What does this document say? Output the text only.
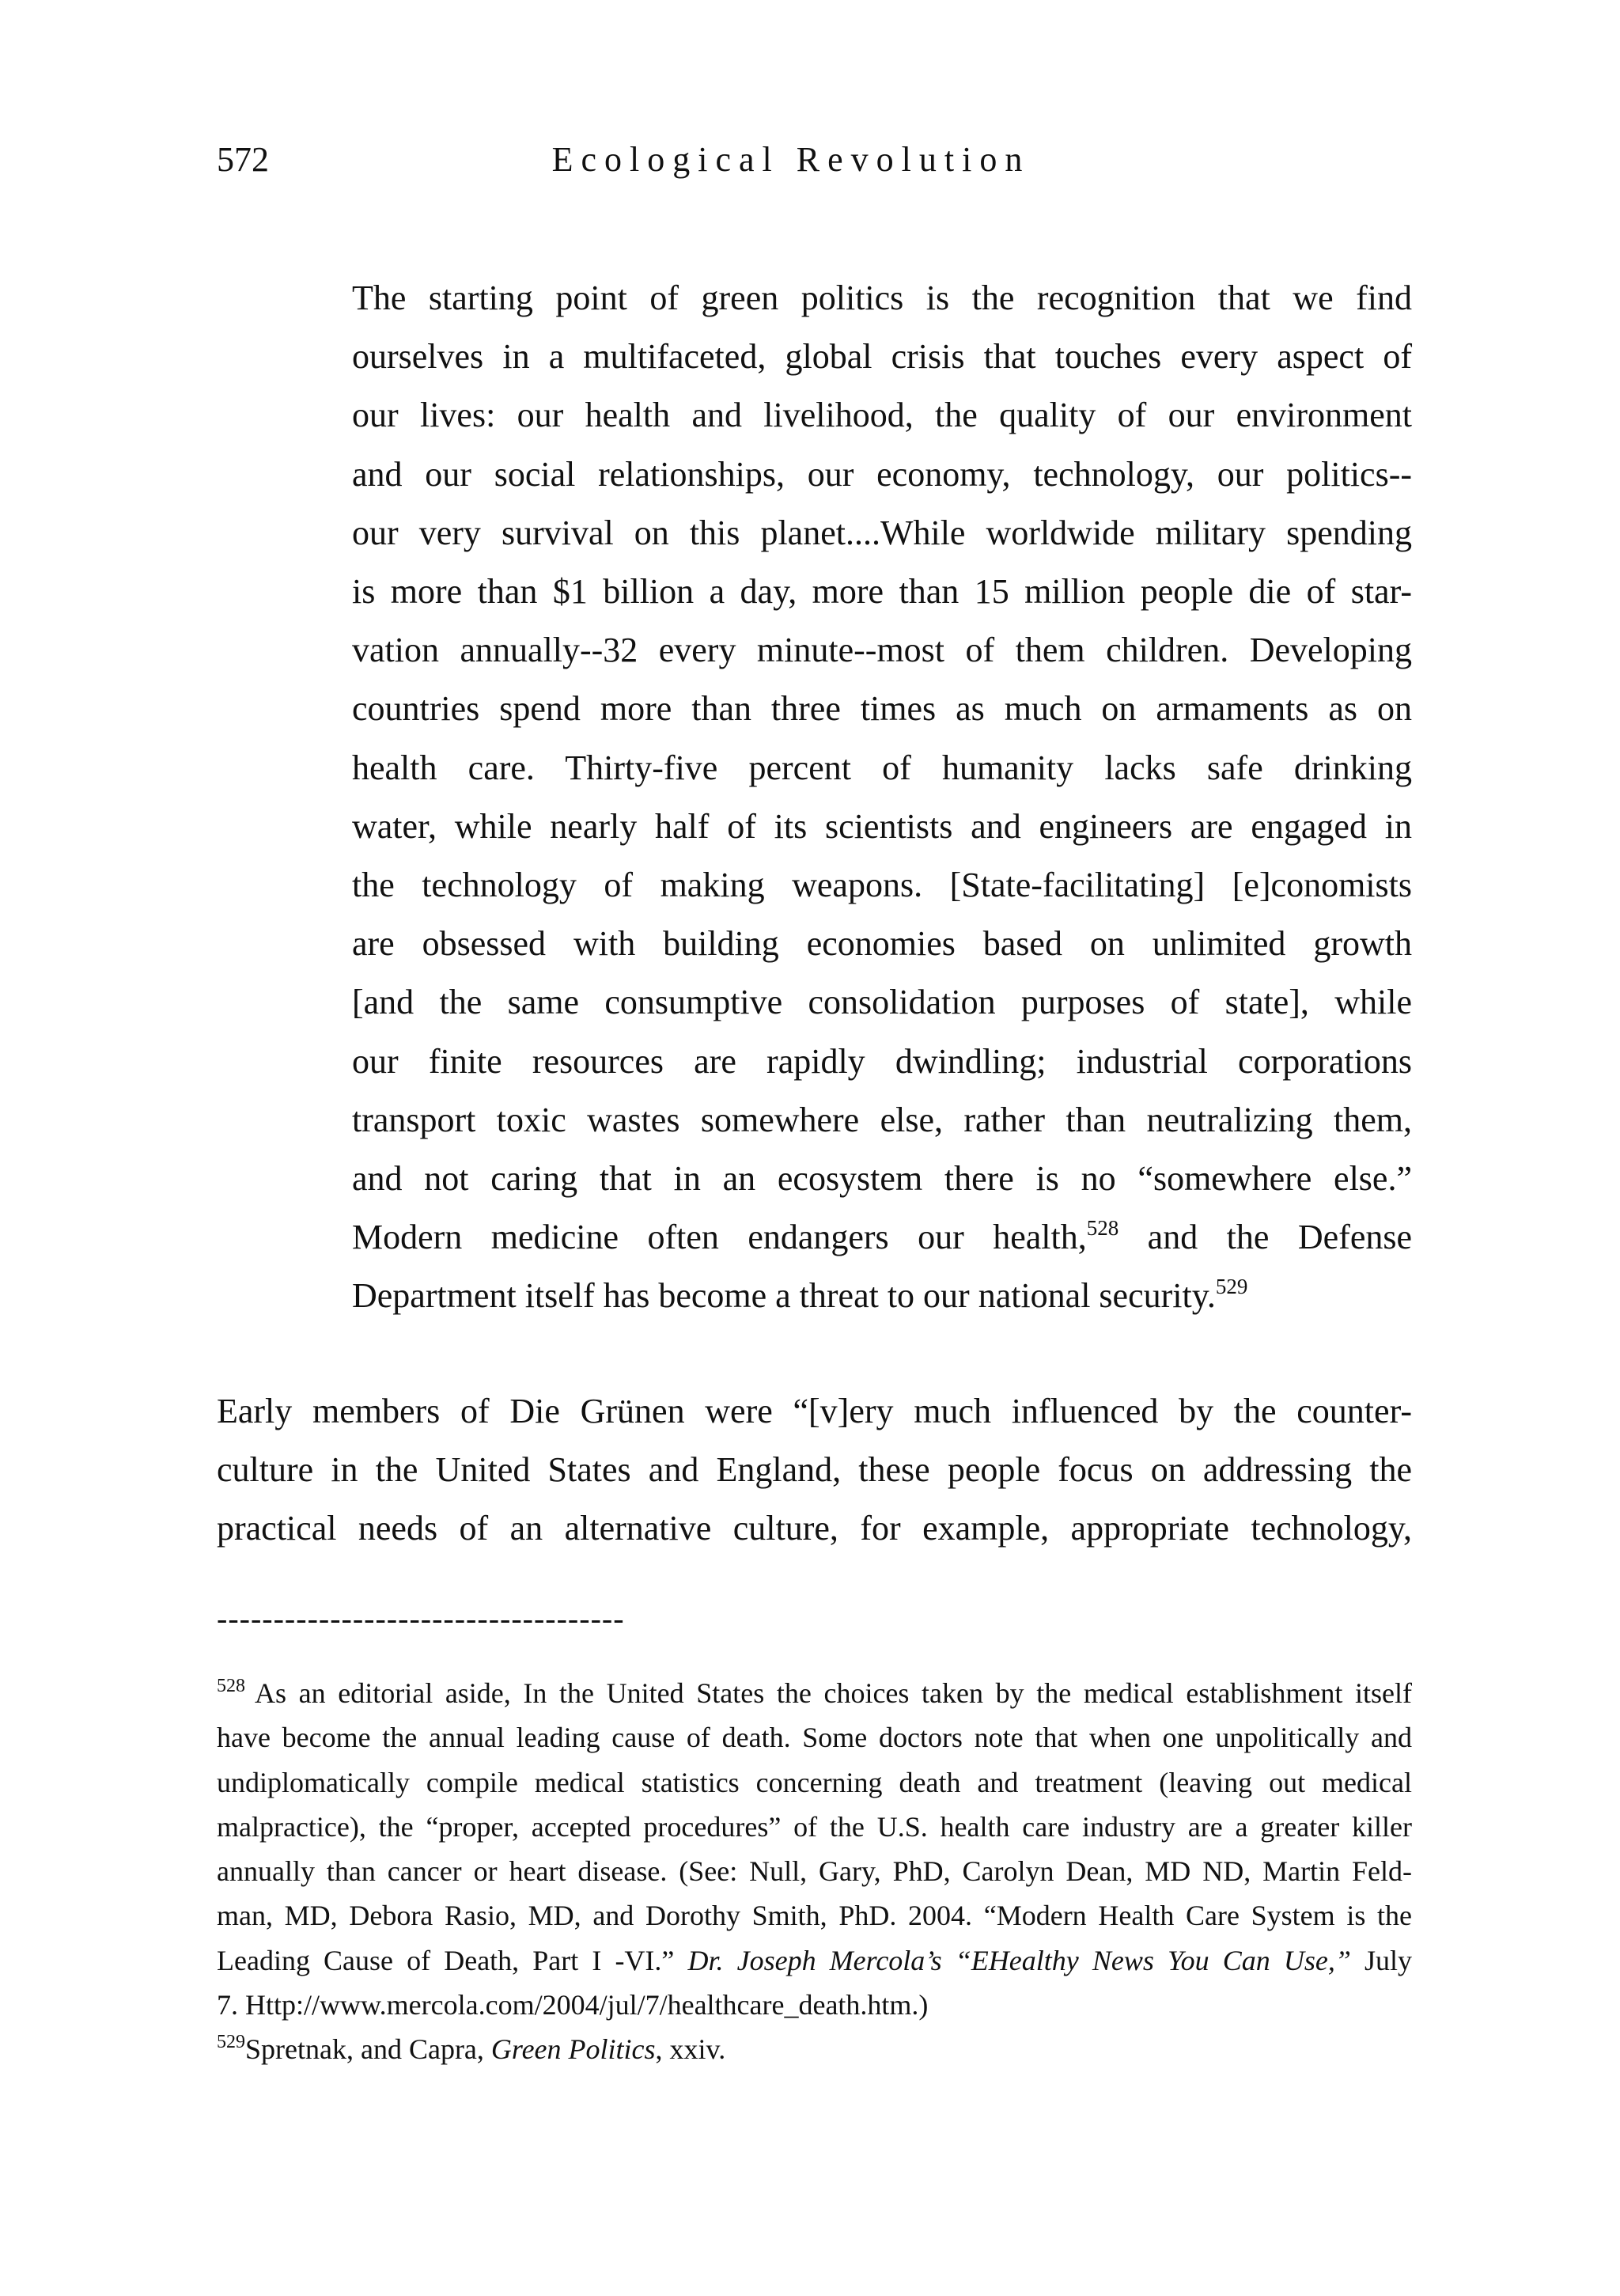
572	Ecological Revolution
The starting point of green politics is the recognition that we find
ourselves in a multifaceted, global crisis that touches every aspect of
our lives: our health and livelihood, the quality of our environment
and our social relationships, our economy, technology, our politics--
our very survival on this planet....While worldwide military spending
is more than $1 billion a day, more than 15 million people die of star-
vation annually--32 every minute--most of them children. Developing
countries spend more than three times as much on armaments as on
health care. Thirty-five percent of humanity lacks safe drinking
water, while nearly half of its scientists and engineers are engaged in
the technology of making weapons. [State-facilitating] [e]conomists
are obsessed with building economies based on unlimited growth
[and the same consumptive consolidation purposes of state], while
our finite resources are rapidly dwindling; industrial corporations
transport toxic wastes somewhere else, rather than neutralizing them,
and not caring that in an ecosystem there is no “somewhere else.”
Modern medicine often endangers our health,$^{528}$ and the Defense
Department itself has become a threat to our national security.$^{529}$
Early members of Die Grünen were “[v]ery much influenced by the counter-
culture in the United States and England, these people focus on addressing the
practical needs of an alternative culture, for example, appropriate technology,
------------------------------------
$^{528}$ As an editorial aside, In the United States the choices taken by the medical establishment itself
have become the annual leading cause of death. Some doctors note that when one unpolitically and
undiplomatically compile medical statistics concerning death and treatment (leaving out medical
malpractice), the “proper, accepted procedures” of the U.S. health care industry are a greater killer
annually than cancer or heart disease. (See: Null, Gary, PhD, Carolyn Dean, MD ND, Martin Feld-
man, MD, Debora Rasio, MD, and Dorothy Smith, PhD. 2004. “Modern Health Care System is the
Leading Cause of Death, Part I -VI.” Dr. Joseph Mercola’s “EHealthy News You Can Use,” July
7. Http://www.mercola.com/2004/jul/7/healthcare_death.htm.)
$^{529}$Spretnak, and Capra, Green Politics, xxiv.
